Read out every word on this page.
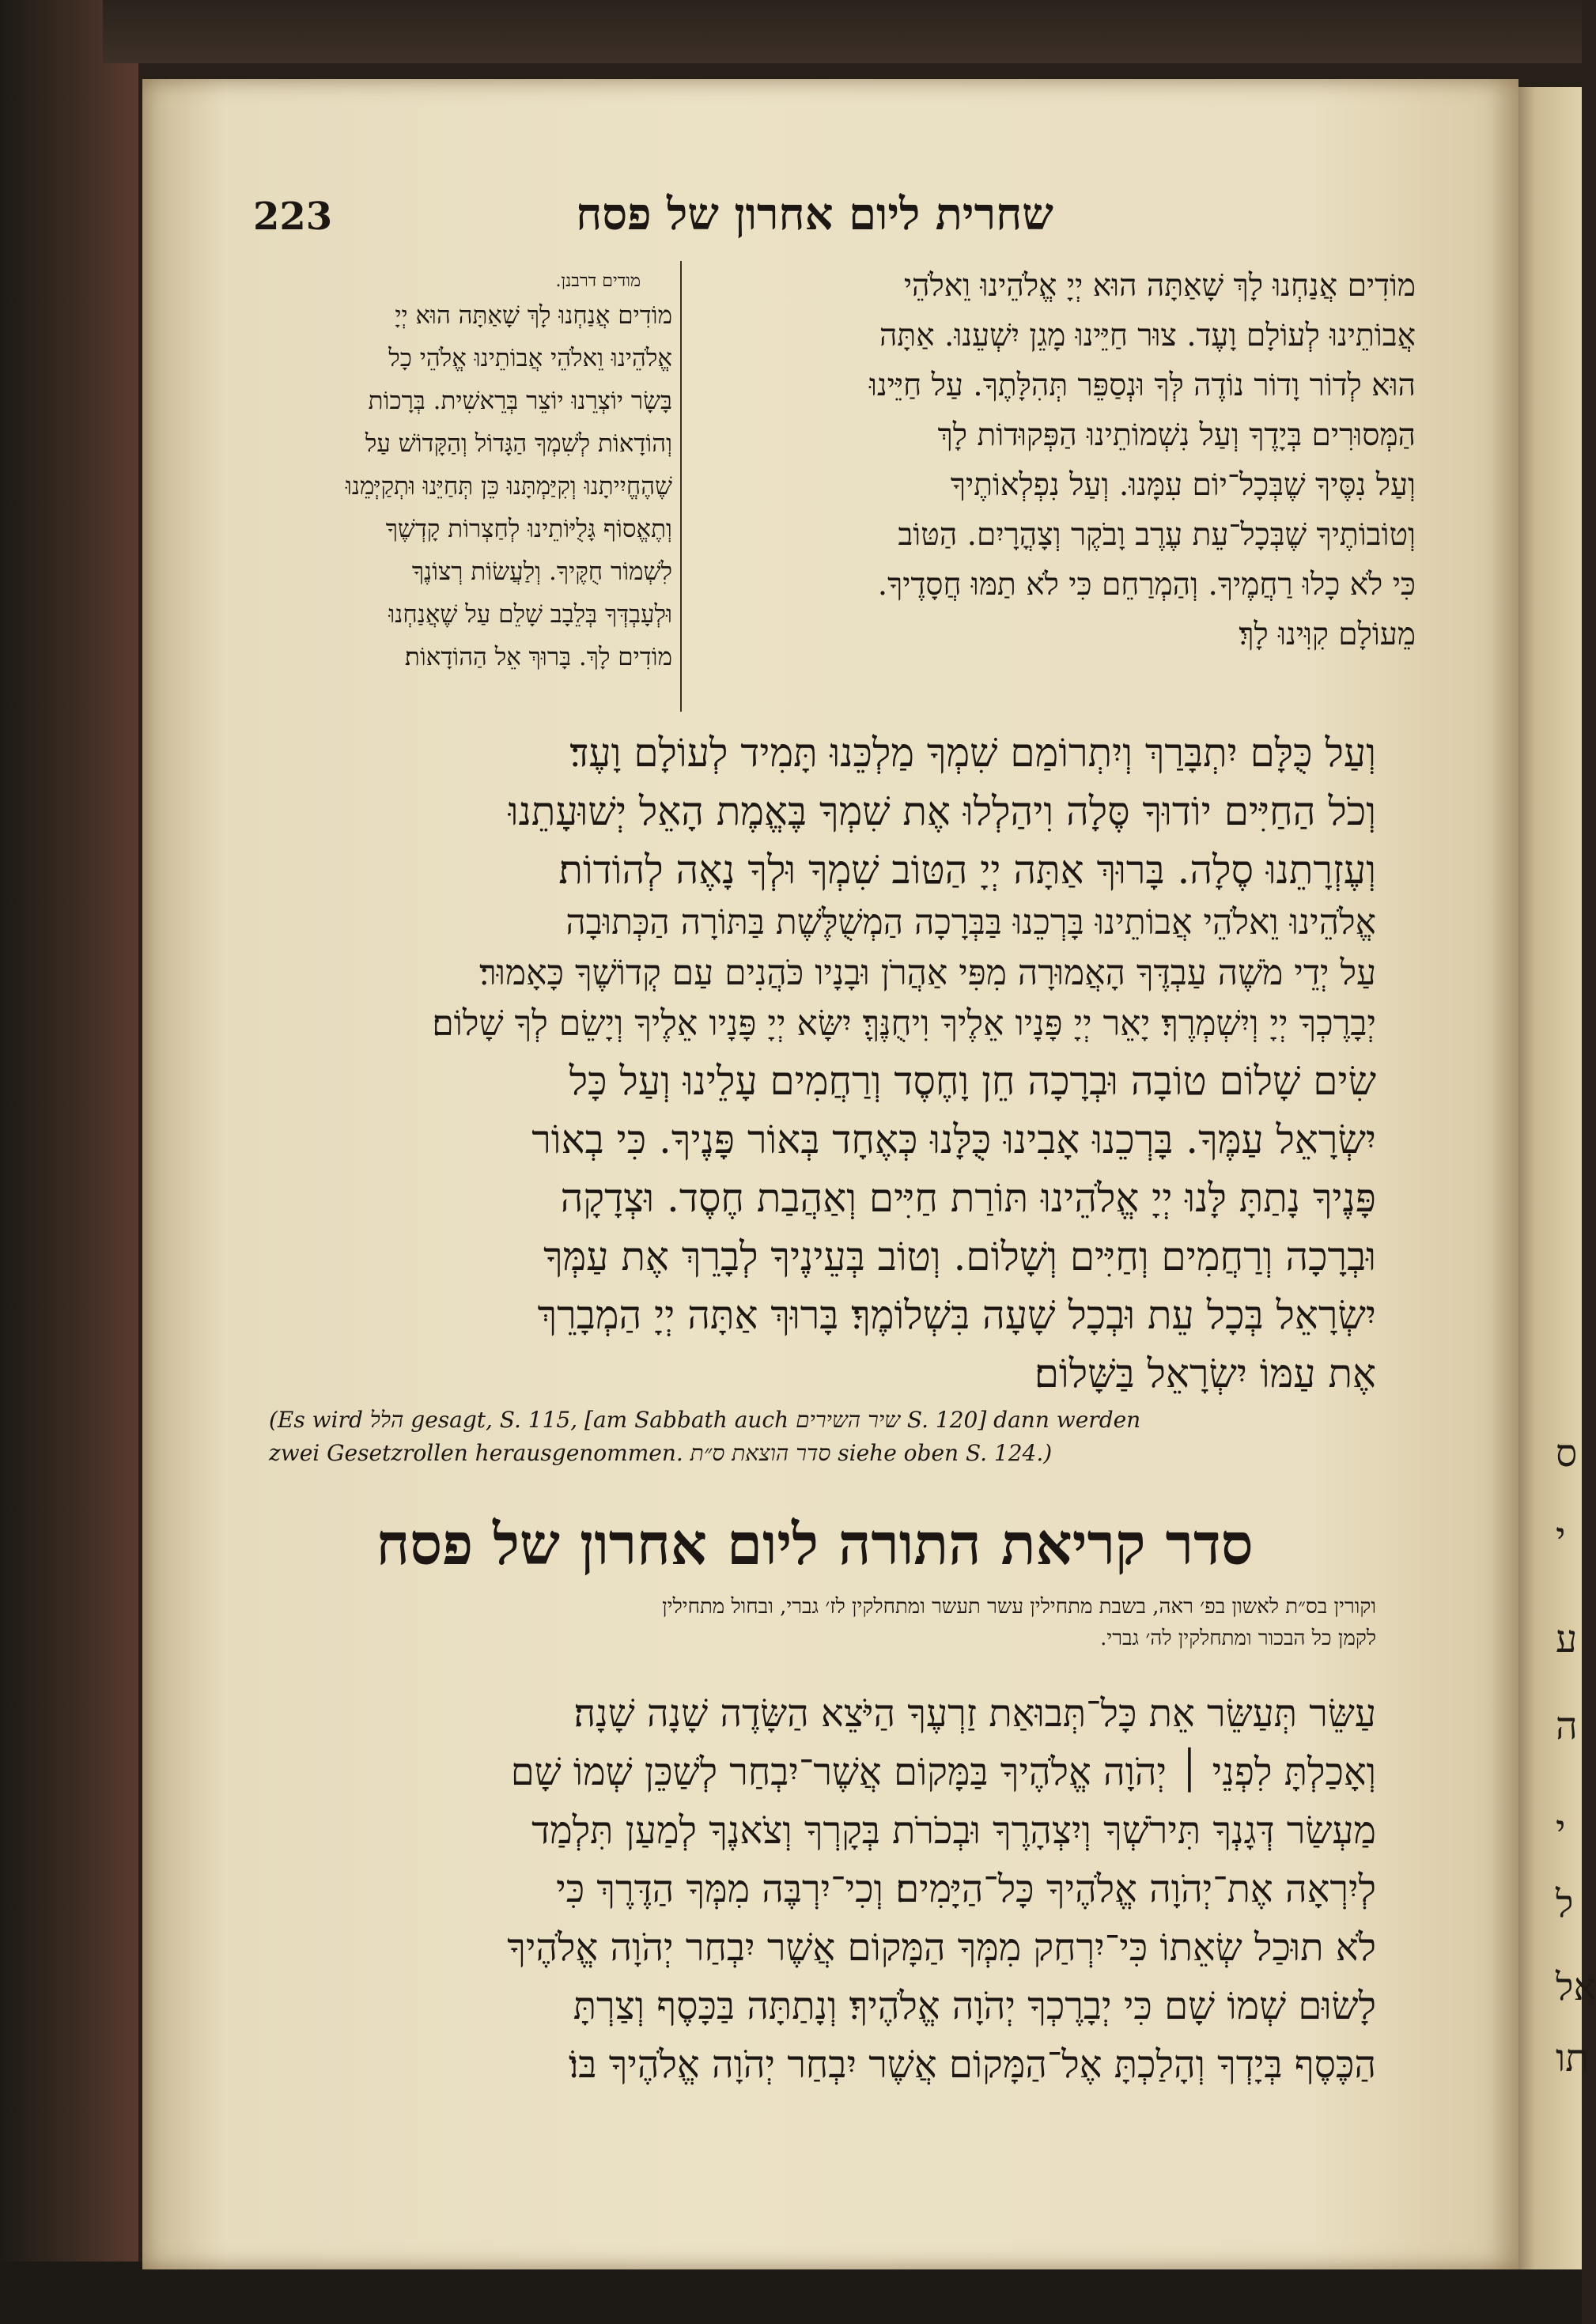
ס
י
ע
ה
י
ל
אל
תו
223	שחרית ליום אחרון של פסח
מוֹדִים אֲנַחְנוּ לָךְ שָׁאַתָּה הוּא יְיָ אֱלֹהֵינוּ וֵאלֹהֵי
אֲבוֹתֵינוּ לְעוֹלָם וָעֶד. צוּר חַיֵּינוּ מָגֵן יִשְׁעֵנוּ. אַתָּה
הוּא לְדוֹר וָדוֹר נוֹדֶה לְּךָ וּנְסַפֵּר תְּהִלָּתֶךָ. עַל חַיֵּינוּ
הַמְּסוּרִים בְּיָדֶךָ וְעַל נִשְׁמוֹתֵינוּ הַפְּקוּדוֹת לָךְ
וְעַל נִסֶּיךָ שֶׁבְּכָל־יוֹם עִמָּנוּ. וְעַל נִפְלְאוֹתֶיךָ
וְטוֹבוֹתֶיךָ שֶׁבְּכָל־עֵת עֶרֶב וָבֹקֶר וְצָהֳרָיִם. הַטּוֹב
כִּי לֹא כָלוּ רַחֲמֶיךָ. וְהַמְרַחֵם כִּי לֹא תַמּוּ חֲסָדֶיךָ.
מֵעוֹלָם קִוִּינוּ לָךְ׃
מודים דרבנן.
מוֹדִים אֲנַחְנוּ לָךְ שָׁאַתָּה הוּא יְיָ
אֱלֹהֵינוּ וֵאלֹהֵי אֲבוֹתֵינוּ אֱלֹהֵי כָל
בָּשָׂר יוֹצְרֵנוּ יוֹצֵר בְּרֵאשִׁית. בְּרָכוֹת
וְהוֹדָאוֹת לְשִׁמְךָ הַגָּדוֹל וְהַקָּדוֹשׁ עַל
שֶׁהֶחֱיִיתָנוּ וְקִיַּמְתָּנוּ כֵּן תְּחַיֵּנוּ וּתְקַיְּמֵנוּ
וְתֶאֱסוֹף גָּלֻיּוֹתֵינוּ לְחַצְרוֹת קָדְשֶׁךָ
לִשְׁמוֹר חֻקֶּיךָ. וְלַעֲשׂוֹת רְצוֹנֶךָ
וּלְעָבְדְּךָ בְּלֵבָב שָׁלֵם עַל שֶׁאֲנַחְנוּ
מוֹדִים לָךְ. בָּרוּךְ אֵל הַהוֹדָאוֹת׃
וְעַל כֻּלָּם יִתְבָּרַךְ וְיִתְרוֹמַם שִׁמְךָ מַלְכֵּנוּ תָּמִיד לְעוֹלָם וָעֶד׃
וְכֹל הַחַיִּים יוֹדוּךָ סֶּלָה וִיהַלְלוּ אֶת שִׁמְךָ בֶּאֱמֶת הָאֵל יְשׁוּעָתֵנוּ
וְעֶזְרָתֵנוּ סֶלָה. בָּרוּךְ אַתָּה יְיָ הַטּוֹב שִׁמְךָ וּלְךָ נָאֶה לְהוֹדוֹת׃
אֱלֹהֵינוּ וֵאלֹהֵי אֲבוֹתֵינוּ בָּרְכֵנוּ בַּבְּרָכָה הַמְשֻׁלֶּשֶׁת בַּתּוֹרָה הַכְּתוּבָה
עַל יְדֵי מֹשֶׁה עַבְדֶּךָ הָאֲמוּרָה מִפִּי אַהֲרֹן וּבָנָיו כֹּהֲנִים עַם קְדוֹשֶׁךָ כָּאָמוּר׃
יְבָרֶכְךָ יְיָ וְיִשְׁמְרֶךָ׃ יָאֵר יְיָ פָּנָיו אֵלֶיךָ וִיחֻנֶּךָּ׃ יִשָּׂא יְיָ פָּנָיו אֵלֶיךָ וְיָשֵׂם לְךָ שָׁלוֹם׃
שִׂים שָׁלוֹם טוֹבָה וּבְרָכָה חֵן וָחֶסֶד וְרַחֲמִים עָלֵינוּ וְעַל כָּל
יִשְׂרָאֵל עַמֶּךָ. בָּרְכֵנוּ אָבִינוּ כֻּלָּנוּ כְּאֶחָד בְּאוֹר פָּנֶיךָ. כִּי בְאוֹר
פָּנֶיךָ נָתַתָּ לָּנוּ יְיָ אֱלֹהֵינוּ תּוֹרַת חַיִּים וְאַהֲבַת חֶסֶד. וּצְדָקָה
וּבְרָכָה וְרַחֲמִים וְחַיִּים וְשָׁלוֹם. וְטוֹב בְּעֵינֶיךָ לְבָרֵךְ אֶת עַמְּךָ
יִשְׂרָאֵל בְּכָל עֵת וּבְכָל שָׁעָה בִּשְׁלוֹמֶךָ׃ בָּרוּךְ אַתָּה יְיָ הַמְבָרֵךְ
אֶת עַמּוֹ יִשְׂרָאֵל בַּשָּׁלוֹם׃
(Es wird הלל gesagt, S. 115, [am Sabbath auch שיר השירים S. 120] dann werden
zwei Gesetzrollen herausgenommen. סדר הוצאת ס״ת siehe oben S. 124.)
סדר קריאת התורה ליום אחרון של פסח
וקורין בס״ת לאשון בפ׳ ראה, בשבת מתחילין עשר תעשר ומתחלקין לז׳ גברי, ובחול מתחילין
לקמן כל הבכור ומתחלקין לה׳ גברי.
עַשֵּׂר תְּעַשֵּׂר אֵת כָּל־תְּבוּאַת זַרְעֶךָ הַיֹּצֵא הַשָּׂדֶה שָׁנָה שָׁנָה׃
וְאָכַלְתָּ לִפְנֵי ׀ יְהֹוָה אֱלֹהֶיךָ בַּמָּקוֹם אֲשֶׁר־יִבְחַר לְשַׁכֵּן שְׁמוֹ שָׁם
מַעְשַׂר דְּגָנְךָ תִּירֹשְׁךָ וְיִצְהָרֶךָ וּבְכֹרֹת בְּקָרְךָ וְצֹאנֶךָ לְמַעַן תִּלְמַד
לְיִרְאָה אֶת־יְהֹוָה אֱלֹהֶיךָ כָּל־הַיָּמִים׃ וְכִי־יִרְבֶּה מִמְּךָ הַדֶּרֶךְ כִּי
לֹא תוּכַל שְׂאֵתוֹ כִּי־יִרְחַק מִמְּךָ הַמָּקוֹם אֲשֶׁר יִבְחַר יְהֹוָה אֱלֹהֶיךָ
לָשׂוּם שְׁמוֹ שָׁם כִּי יְבָרֶכְךָ יְהֹוָה אֱלֹהֶיךָ׃ וְנָתַתָּה בַּכָּסֶף וְצַרְתָּ
הַכֶּסֶף בְּיָדְךָ וְהָלַכְתָּ אֶל־הַמָּקוֹם אֲשֶׁר יִבְחַר יְהֹוָה אֱלֹהֶיךָ בּוֹ׃
